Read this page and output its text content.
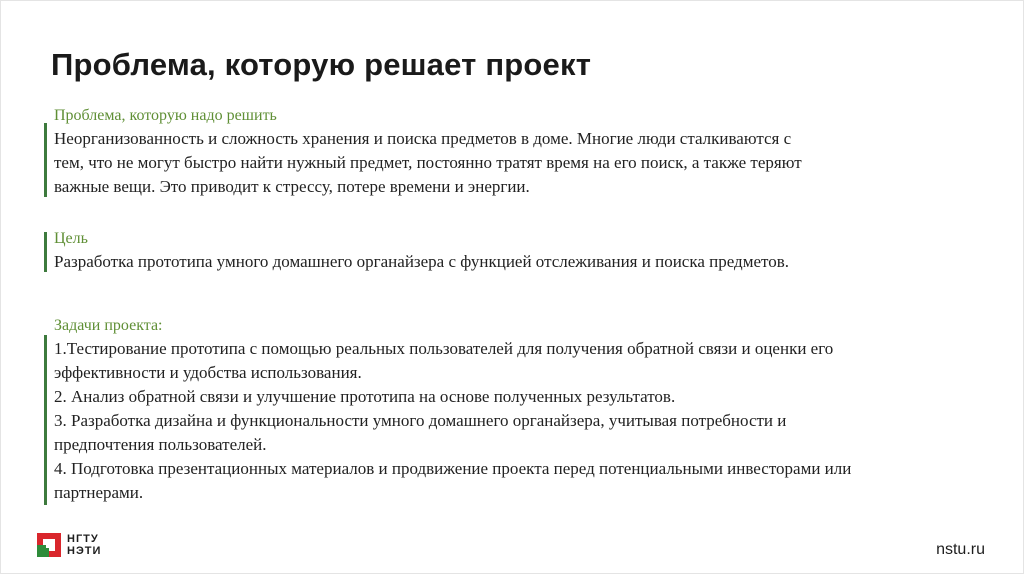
Проблема, которую решает проект
Проблема, которую надо решить
Неорганизованность и сложность хранения и поиска предметов в доме. Многие люди сталкиваются с
тем, что не могут быстро найти нужный предмет, постоянно тратят время на его поиск, а также теряют
важные вещи. Это приводит к стрессу, потере времени и энергии.
Цель
Разработка прототипа умного домашнего органайзера с функцией отслеживания и поиска предметов.
Задачи проекта:
1.Тестирование прототипа с помощью реальных пользователей для получения обратной связи и оценки его
эффективности и удобства использования.
2. Анализ обратной связи и улучшение прототипа на основе полученных результатов.
3. Разработка дизайна и функциональности умного домашнего органайзера, учитывая потребности и
предпочтения пользователей.
4. Подготовка презентационных материалов и продвижение проекта перед потенциальными инвесторами или
партнерами.
НГТУ
НЭТИ	nstu.ru
